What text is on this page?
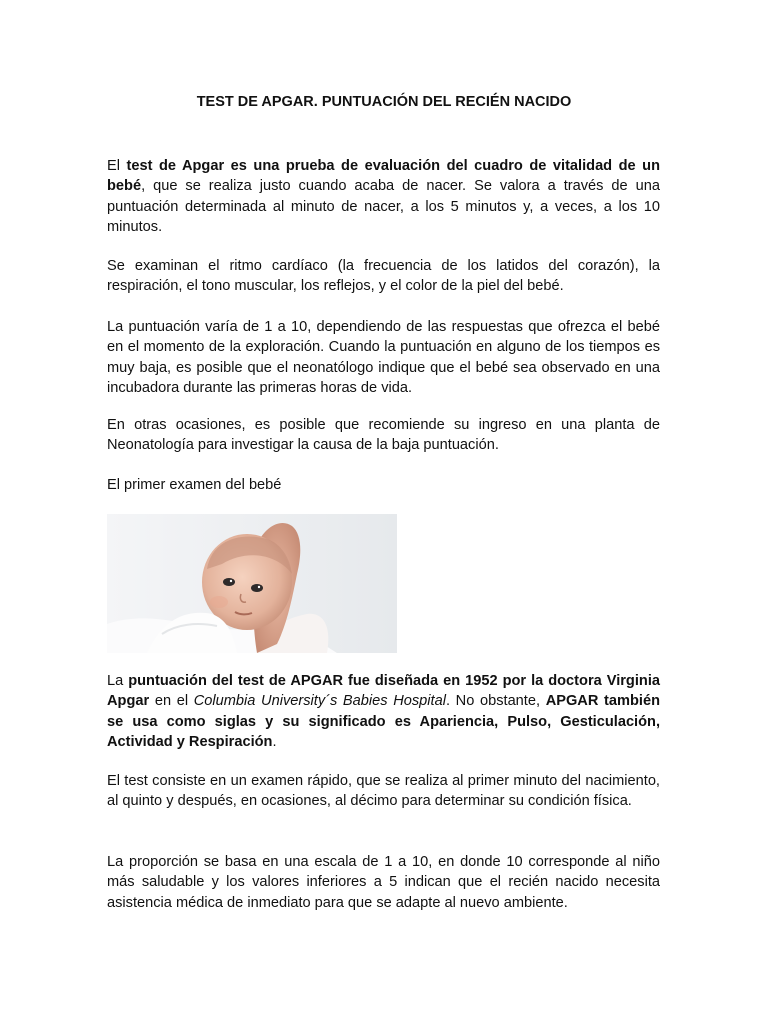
TEST DE APGAR. PUNTUACIÓN DEL RECIÉN NACIDO

El test de Apgar es una prueba de evaluación del cuadro de vitalidad de un bebé, que se realiza justo cuando acaba de nacer. Se valora a través de una puntuación determinada al minuto de nacer, a los 5 minutos y, a veces, a los 10 minutos.

Se examinan el ritmo cardíaco (la frecuencia de los latidos del corazón), la respiración, el tono muscular, los reflejos, y el color de la piel del bebé.

La puntuación varía de 1 a 10, dependiendo de las respuestas que ofrezca el bebé en el momento de la exploración. Cuando la puntuación en alguno de los tiempos es muy baja, es posible que el neonatólogo indique que el bebé sea observado en una incubadora durante las primeras horas de vida.

En otras ocasiones, es posible que recomiende su ingreso en una planta de Neonatología para investigar la causa de la baja puntuación.

El primer examen del bebé

La puntuación del test de APGAR fue diseñada en 1952 por la doctora Virginia Apgar en el Columbia University´s Babies Hospital. No obstante, APGAR también se usa como siglas y su significado es Apariencia, Pulso, Gesticulación, Actividad y Respiración.

El test consiste en un examen rápido, que se realiza al primer minuto del nacimiento, al quinto y después, en ocasiones, al décimo para determinar su condición física.

La proporción se basa en una escala de 1 a 10, en donde 10 corresponde al niño más saludable y los valores inferiores a 5 indican que el recién nacido necesita asistencia médica de inmediato para que se adapte al nuevo ambiente.
